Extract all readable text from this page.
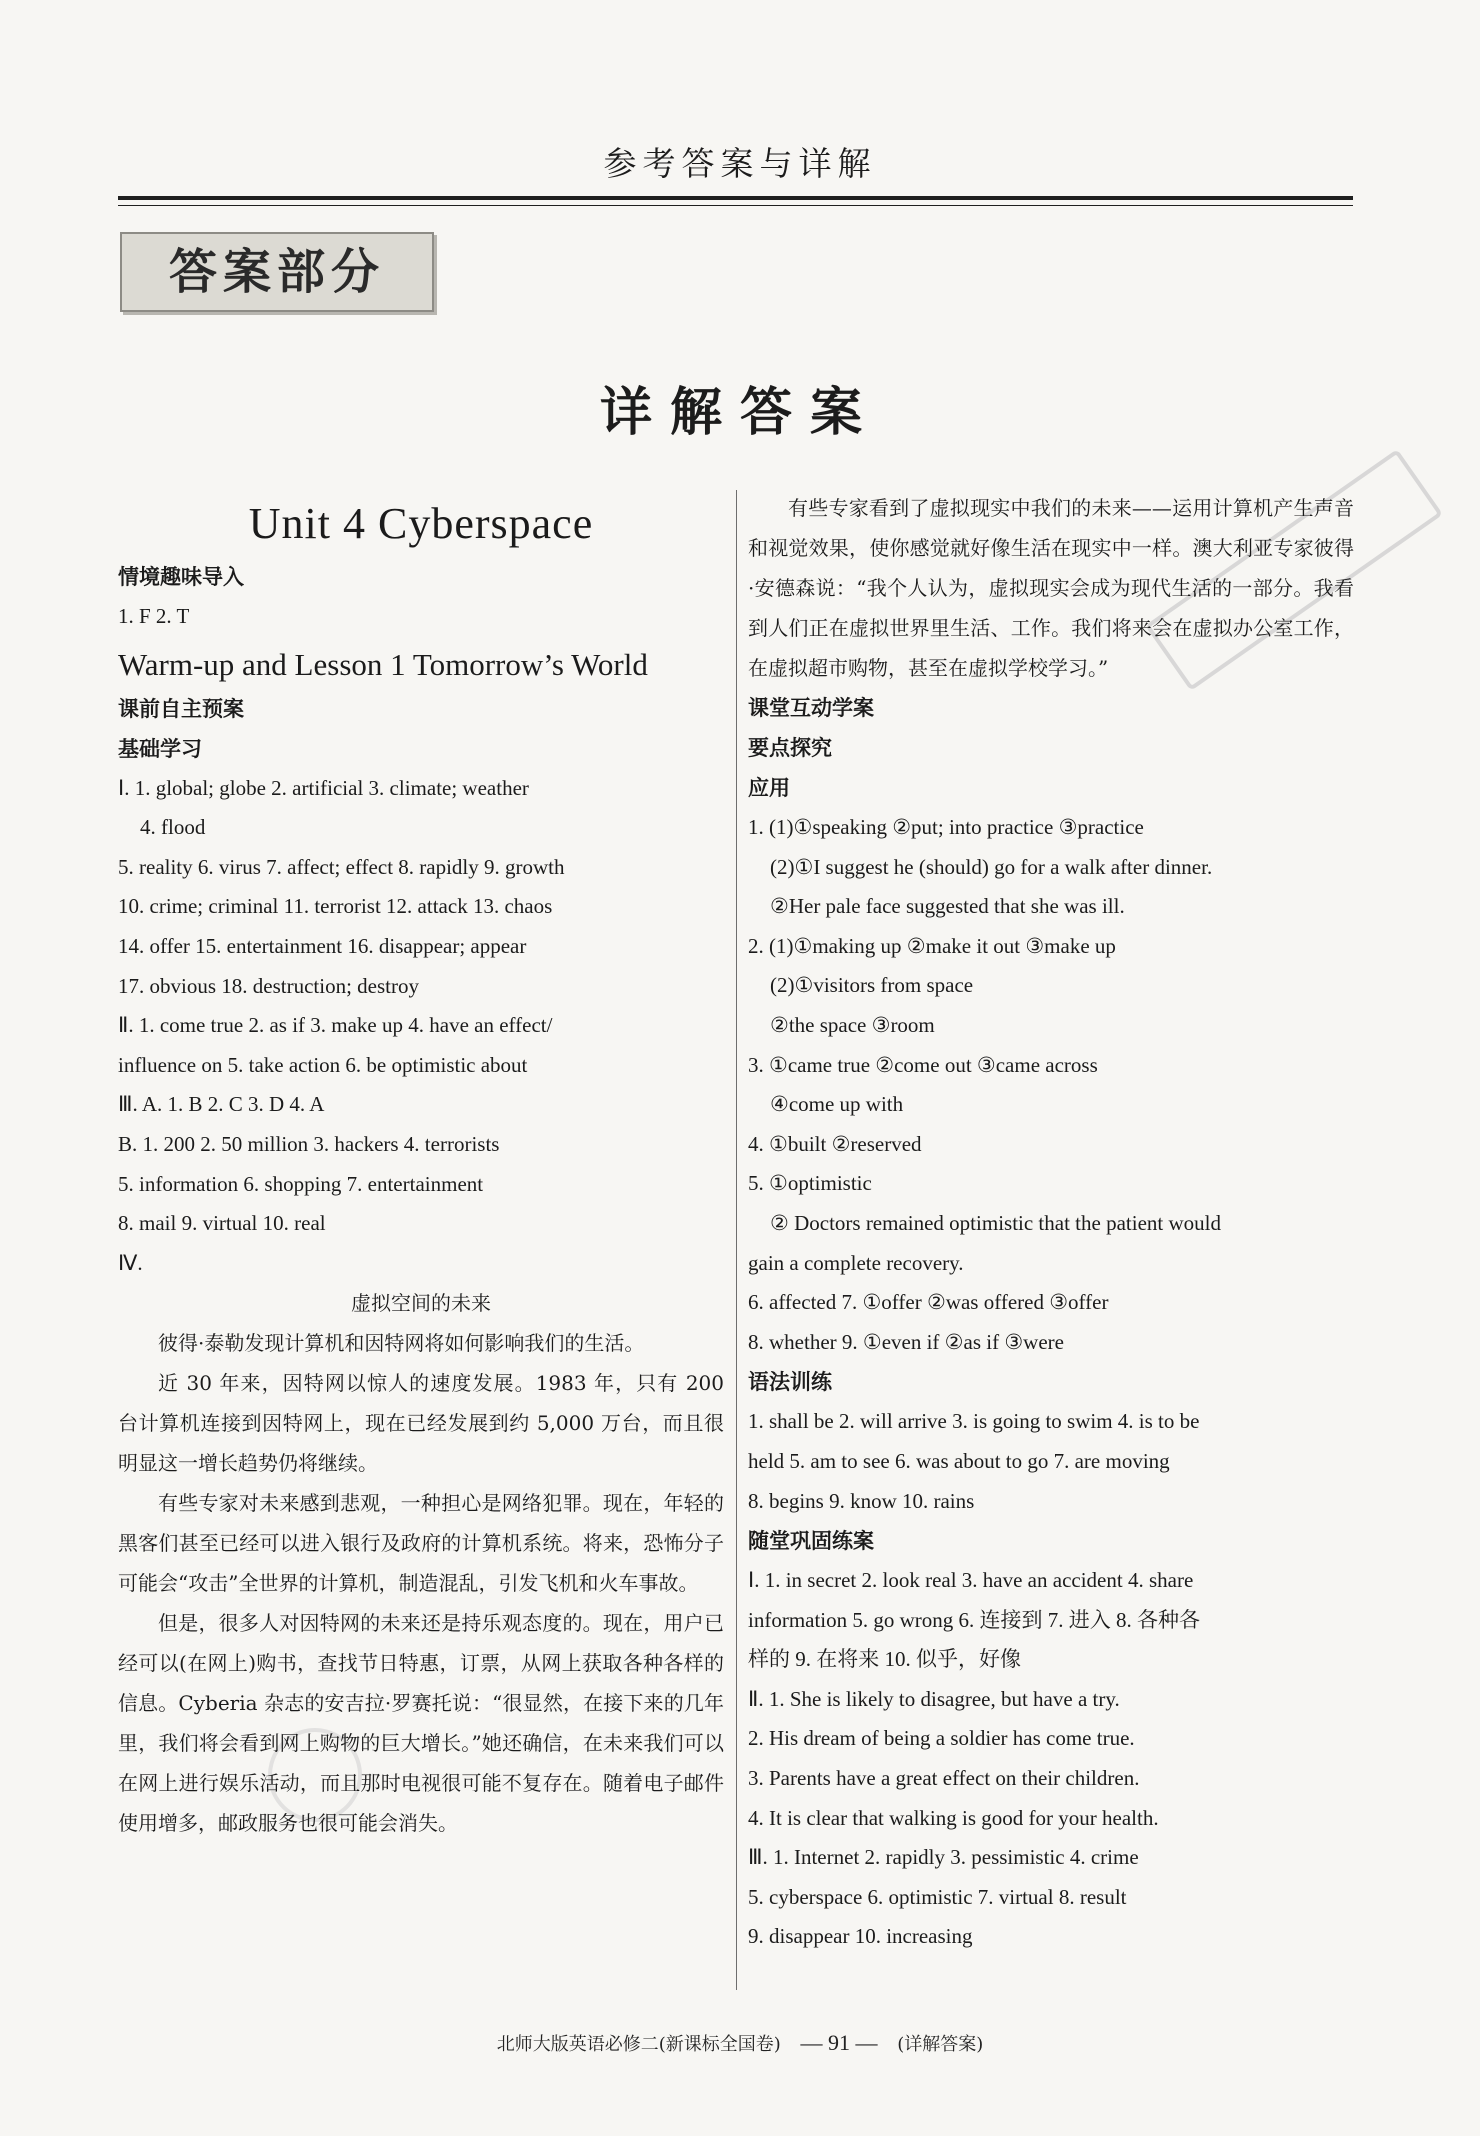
参考答案与详解
答案部分
详解答案
Unit 4 Cyberspace
情境趣味导入
1. F 2. T
Warm-up and Lesson 1 Tomorrow’s World
课前自主预案
基础学习
Ⅰ. 1. global; globe 2. artificial 3. climate; weather
4. flood
5. reality 6. virus 7. affect; effect 8. rapidly 9. growth
10. crime; criminal 11. terrorist 12. attack 13. chaos
14. offer 15. entertainment 16. disappear; appear
17. obvious 18. destruction; destroy
Ⅱ. 1. come true 2. as if 3. make up 4. have an effect/
influence on 5. take action 6. be optimistic about
Ⅲ. A. 1. B 2. C 3. D 4. A
B. 1. 200 2. 50 million 3. hackers 4. terrorists
5. information 6. shopping 7. entertainment
8. mail 9. virtual 10. real
Ⅳ.
虚拟空间的未来
彼得·泰勒发现计算机和因特网将如何影响我们的生活。
近 30 年来，因特网以惊人的速度发展。1983 年，只有 200 台计算机连接到因特网上，现在已经发展到约 5,000 万台，而且很明显这一增长趋势仍将继续。
有些专家对未来感到悲观，一种担心是网络犯罪。现在，年轻的黑客们甚至已经可以进入银行及政府的计算机系统。将来，恐怖分子可能会“攻击”全世界的计算机，制造混乱，引发飞机和火车事故。
但是，很多人对因特网的未来还是持乐观态度的。现在，用户已经可以(在网上)购书，查找节日特惠，订票，从网上获取各种各样的信息。Cyberia 杂志的安吉拉·罗赛托说：“很显然，在接下来的几年里，我们将会看到网上购物的巨大增长。”她还确信，在未来我们可以在网上进行娱乐活动，而且那时电视很可能不复存在。随着电子邮件使用增多，邮政服务也很可能会消失。
有些专家看到了虚拟现实中我们的未来——运用计算机产生声音和视觉效果，使你感觉就好像生活在现实中一样。澳大利亚专家彼得·安德森说：“我个人认为，虚拟现实会成为现代生活的一部分。我看到人们正在虚拟世界里生活、工作。我们将来会在虚拟办公室工作，在虚拟超市购物，甚至在虚拟学校学习。”
课堂互动学案
要点探究
应用
1. (1)①speaking ②put; into practice ③practice
(2)①I suggest he (should) go for a walk after dinner.
②Her pale face suggested that she was ill.
2. (1)①making up ②make it out ③make up
(2)①visitors from space
②the space ③room
3. ①came true ②come out ③came across
④come up with
4. ①built ②reserved
5. ①optimistic
② Doctors remained optimistic that the patient would
gain a complete recovery.
6. affected 7. ①offer ②was offered ③offer
8. whether 9. ①even if ②as if ③were
语法训练
1. shall be 2. will arrive 3. is going to swim 4. is to be
held 5. am to see 6. was about to go 7. are moving
8. begins 9. know 10. rains
随堂巩固练案
Ⅰ. 1. in secret 2. look real 3. have an accident 4. share
information 5. go wrong 6. 连接到 7. 进入 8. 各种各
样的 9. 在将来 10. 似乎，好像
Ⅱ. 1. She is likely to disagree, but have a try.
2. His dream of being a soldier has come true.
3. Parents have a great effect on their children.
4. It is clear that walking is good for your health.
Ⅲ. 1. Internet 2. rapidly 3. pessimistic 4. crime
5. cyberspace 6. optimistic 7. virtual 8. result
9. disappear 10. increasing
北师大版英语必修二(新课标全国卷) — 91 — (详解答案)
